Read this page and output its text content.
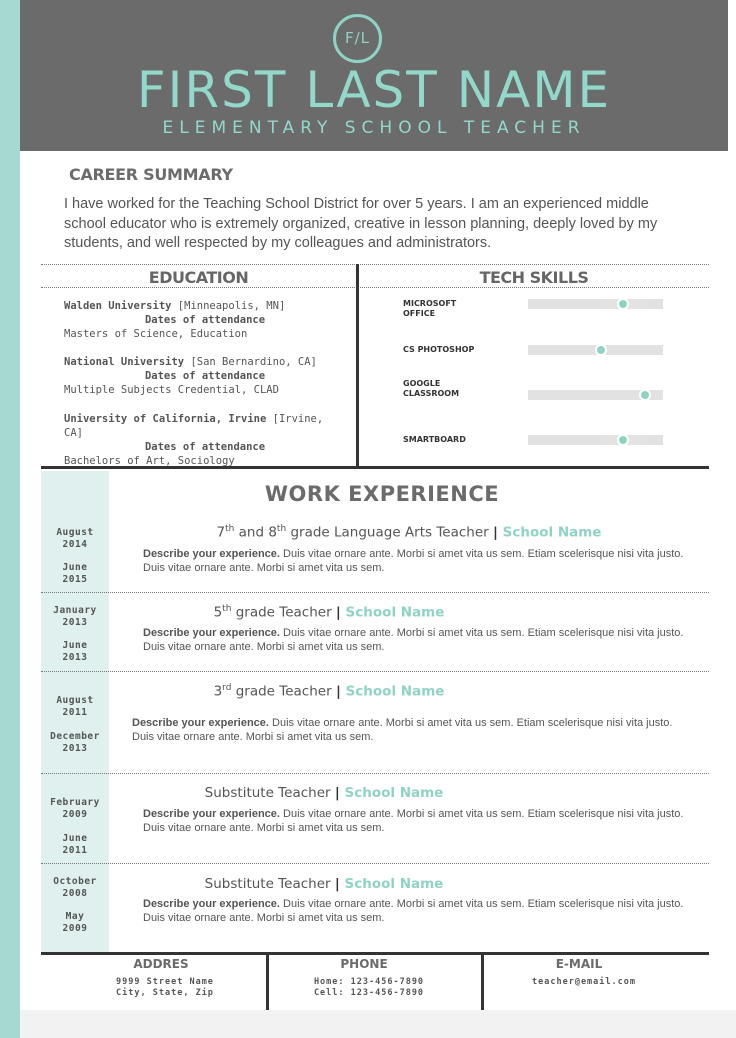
F/L
FIRST LAST NAME
ELEMENTARY SCHOOL TEACHER
CAREER SUMMARY
I have worked for the Teaching School District for over 5 years. I am an experienced middle school educator who is extremely organized, creative in lesson planning, deeply loved by my students, and well respected by my colleagues and administrators.
EDUCATION	TECH SKILLS
Walden University [Minneapolis, MN]
Dates of attendance
Masters of Science, Education
National University [San Bernardino, CA]
Dates of attendance
Multiple Subjects Credential, CLAD
University of California, Irvine [Irvine, CA]
Dates of attendance
Bachelors of Art, Sociology
MICROSOFT OFFICE
CS PHOTOSHOP
GOOGLE CLASSROOM
SMARTBOARD
WORK EXPERIENCE
August 2014
June 2015
7th and 8th grade Language Arts Teacher | School Name
Describe your experience. Duis vitae ornare ante. Morbi si amet vita us sem. Etiam scelerisque nisi vita justo. Duis vitae ornare ante. Morbi si amet vita us sem.
January 2013
June 2013
5th grade Teacher | School Name
Describe your experience. Duis vitae ornare ante. Morbi si amet vita us sem. Etiam scelerisque nisi vita justo. Duis vitae ornare ante. Morbi si amet vita us sem.
August 2011
December 2013
3rd grade Teacher | School Name
Describe your experience. Duis vitae ornare ante. Morbi si amet vita us sem. Etiam scelerisque nisi vita justo. Duis vitae ornare ante. Morbi si amet vita us sem.
February 2009
June 2011
Substitute Teacher | School Name
Describe your experience. Duis vitae ornare ante. Morbi si amet vita us sem. Etiam scelerisque nisi vita justo. Duis vitae ornare ante. Morbi si amet vita us sem.
October 2008
May 2009
Substitute Teacher | School Name
Describe your experience. Duis vitae ornare ante. Morbi si amet vita us sem. Etiam scelerisque nisi vita justo. Duis vitae ornare ante. Morbi si amet vita us sem.
ADDRES
9999 Street Name
City, State, Zip
PHONE
Home: 123-456-7890
Cell: 123-456-7890
E-MAIL
teacher@email.com
